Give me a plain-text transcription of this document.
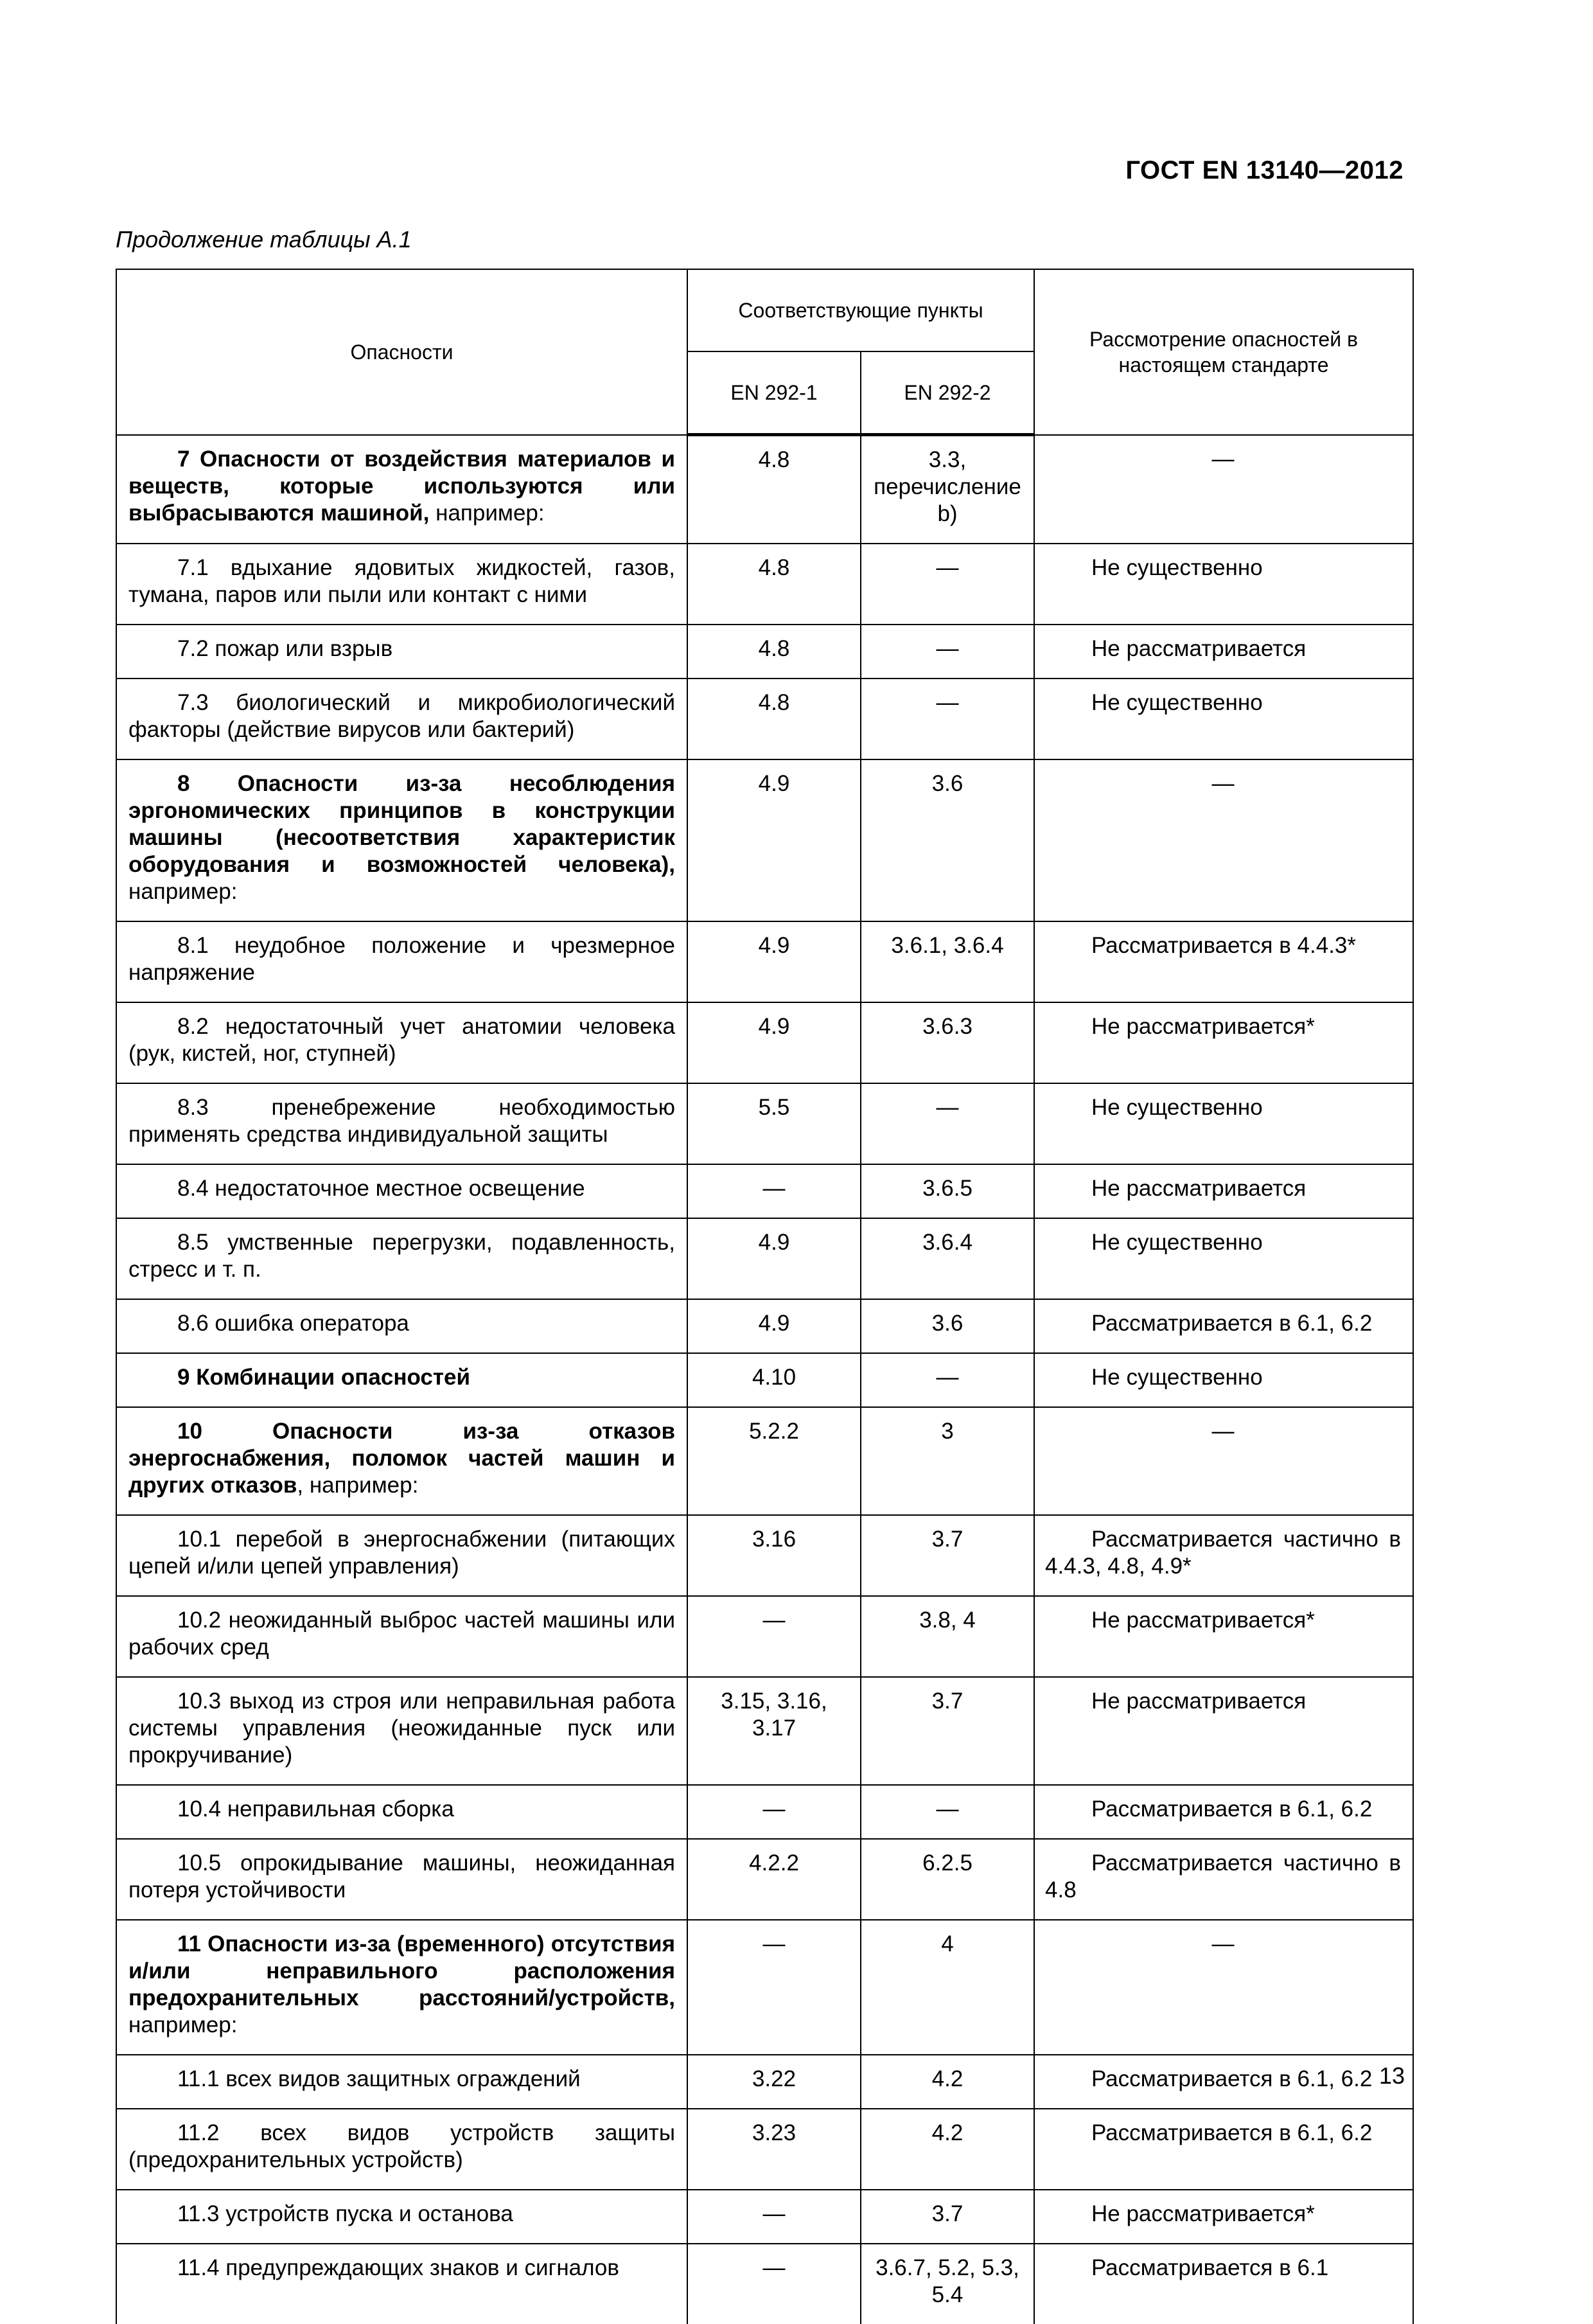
ГОСТ EN 13140—2012
Продолжение таблицы А.1
Опасности	Соответствующие пункты		Рассмотрение опасностей в настоящем стандарте
	EN 292-1	EN 292-2	
7 Опасности от воздействия материалов и веществ, которые используются или выбрасываются машиной, например:	4.8	3.3, перечисление b)	—
7.1 вдыхание ядовитых жидкостей, газов, тумана, паров или пыли или контакт с ними	4.8	—	Не существенно

7.2 пожар или взрыв	4.8	—	Не рассматривается

7.3 биологический и микробиологический факторы (действие вирусов или бактерий)	4.8	—	Не существенно

8 Опасности из-за несоблюдения эргономических принципов в конструкции машины (несоответствия характеристик оборудования и возможностей человека), например:	4.9	3.6	—
8.1 неудобное положение и чрезмерное напряжение	4.9	3.6.1, 3.6.4	Рассматривается в 4.4.3*

8.2 недостаточный учет анатомии человека (рук, кистей, ног, ступней)	4.9	3.6.3	Не рассматривается*

8.3 пренебрежение необходимостью применять средства индивидуальной защиты	5.5	—	Не существенно

8.4 недостаточное местное освещение	—	3.6.5	Не рассматривается

8.5 умственные перегрузки, подавленность, стресс и т. п.	4.9	3.6.4	Не существенно

8.6 ошибка оператора	4.9	3.6	Рассматривается в 6.1, 6.2

9 Комбинации опасностей	4.10	—	Не существенно

10 Опасности из-за отказов энергоснабжения, поломок частей машин и других отказов, например:	5.2.2	3	—
10.1 перебой в энергоснабжении (питающих цепей и/или цепей управления)	3.16	3.7	Рассматривается частично в 4.4.3, 4.8, 4.9*

10.2 неожиданный выброс частей машины или рабочих сред	—	3.8, 4	Не рассматривается*

10.3 выход из строя или неправильная работа системы управления (неожиданные пуск или прокручивание)	3.15, 3.16, 3.17	3.7	Не рассматривается

10.4 неправильная сборка	—	—	Рассматривается в 6.1, 6.2

10.5 опрокидывание машины, неожиданная потеря устойчивости	4.2.2	6.2.5	Рассматривается частично в 4.8

11 Опасности из-за (временного) отсутствия и/или неправильного расположения предохранительных расстояний/устройств, например:	—	4	—
11.1 всех видов защитных ограждений	3.22	4.2	Рассматривается в 6.1, 6.2

11.2 всех видов устройств защиты (предохранительных устройств)	3.23	4.2	Рассматривается в 6.1, 6.2

11.3 устройств пуска и останова	—	3.7	Не рассматривается*

11.4 предупреждающих знаков и сигналов	—	3.6.7, 5.2, 5.3, 5.4	Рассматривается в 6.1
13
